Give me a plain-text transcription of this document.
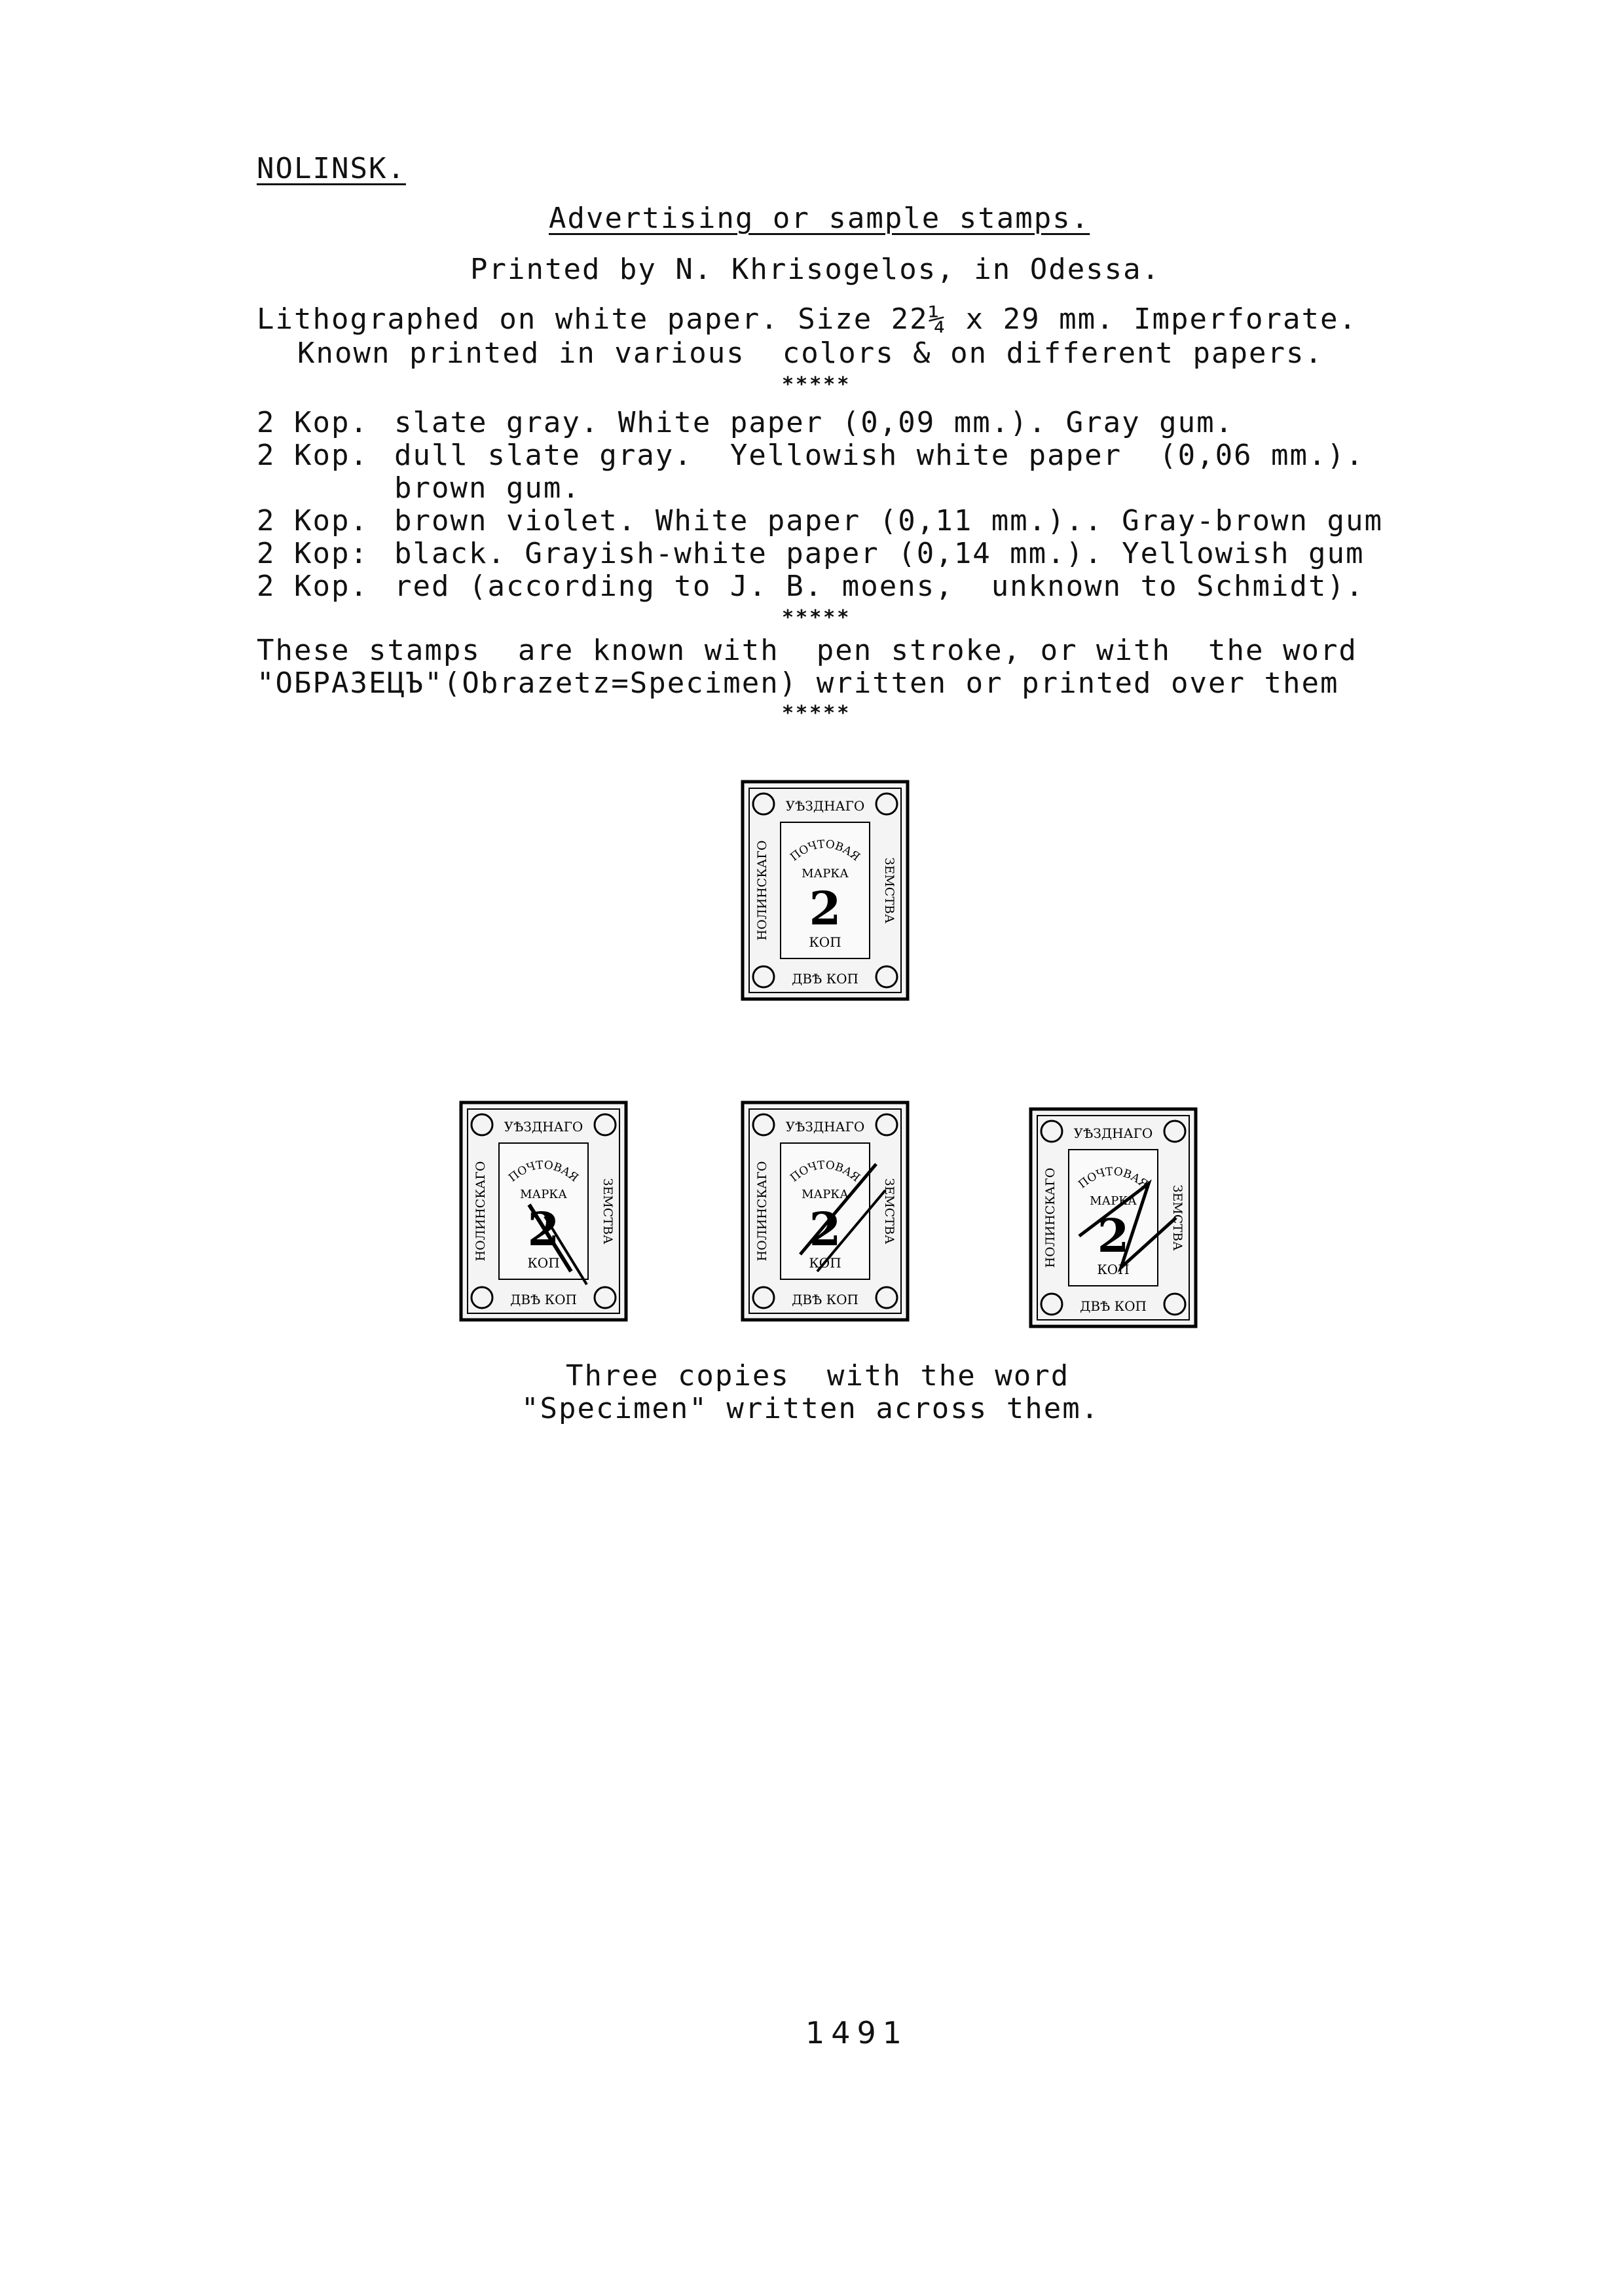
NOLINSK.
Advertising or sample stamps.
Printed by N. Khrisogelos, in Odessa.
Lithographed on white paper. Size 22¼ x 29 mm. Imperforate.
Known printed in various  colors & on different papers.
*****
2 Kop. slate gray. White paper (0,09 mm.). Gray gum.
2 Kop. dull slate gray.  Yellowish white paper  (0,06 mm.).
brown gum.
2 Kop. brown violet. White paper (0,11 mm.).. Gray-brown gum
2 Kop: black. Grayish-white paper (0,14 mm.). Yellowish gum
2 Kop. red (according to J. B. moens,  unknown to Schmidt).
*****
These stamps  are known with  pen stroke, or with  the word
"OБPA3EЦЪ"(Obrazetz=Specimen) written or printed over them
*****
УѢЗДНАГО
ДВѢ КОП
НОЛИНСКАГО	ЗЕМСТВА
ПОЧТОВАЯ
МАРКА
2
КОП
УѢЗДНАГО
ДВѢ КОП
НОЛИНСКАГО	ЗЕМСТВА
ПОЧТОВАЯ
МАРКА
2
КОП
УѢЗДНАГО
ДВѢ КОП
НОЛИНСКАГО	ЗЕМСТВА
ПОЧТОВАЯ
МАРКА
2
КОП
УѢЗДНАГО
ДВѢ КОП
НОЛИНСКАГО	ЗЕМСТВА
ПОЧТОВАЯ
МАРКА
2
КОП
Three copies  with the word
"Specimen" written across them.
1491
